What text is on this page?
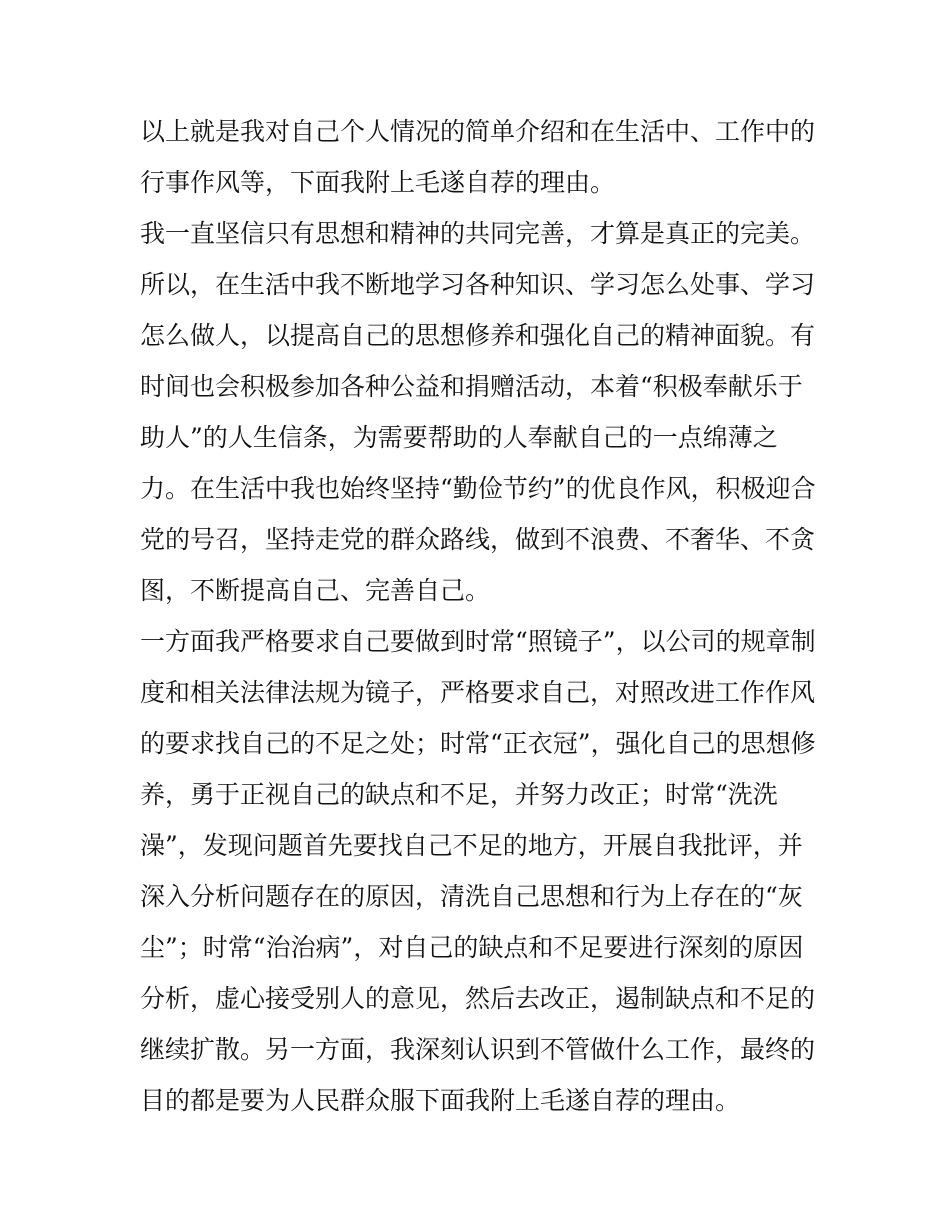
以上就是我对自己个人情况的简单介绍和在生活中、工作中的
行事作风等，下面我附上毛遂自荐的理由。
我一直坚信只有思想和精神的共同完善，才算是真正的完美。
所以，在生活中我不断地学习各种知识、学习怎么处事、学习
怎么做人，以提高自己的思想修养和强化自己的精神面貌。有
时间也会积极参加各种公益和捐赠活动，本着“积极奉献乐于
助人”的人生信条，为需要帮助的人奉献自己的一点绵薄之
力。在生活中我也始终坚持“勤俭节约”的优良作风，积极迎合
党的号召，坚持走党的群众路线，做到不浪费、不奢华、不贪
图，不断提高自己、完善自己。
一方面我严格要求自己要做到时常“照镜子”，以公司的规章制
度和相关法律法规为镜子，严格要求自己，对照改进工作作风
的要求找自己的不足之处；时常“正衣冠”，强化自己的思想修
养，勇于正视自己的缺点和不足，并努力改正；时常“洗洗
澡”，发现问题首先要找自己不足的地方，开展自我批评，并
深入分析问题存在的原因，清洗自己思想和行为上存在的“灰
尘”；时常“治治病”，对自己的缺点和不足要进行深刻的原因
分析，虚心接受别人的意见，然后去改正，遏制缺点和不足的
继续扩散。另一方面，我深刻认识到不管做什么工作，最终的
目的都是要为人民群众服下面我附上毛遂自荐的理由。
